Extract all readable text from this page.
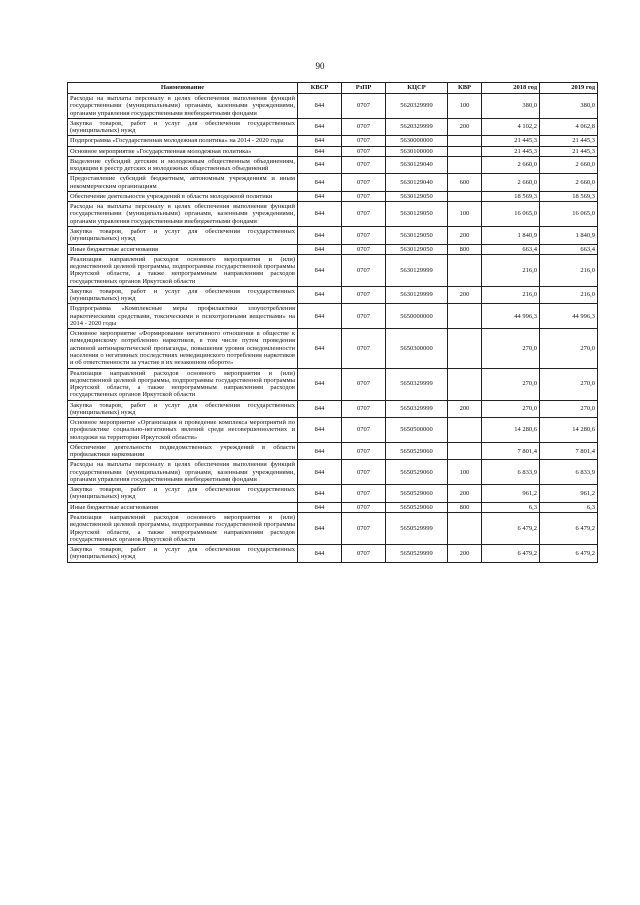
90
Наименование	КВСР	РзПР	КЦСР	КВР	2018 год	2019 год
Расходы на выплаты персоналу в целях обеспечения выполнения функций государственными (муниципальными) органами, казенными учреждениями, органами управления государственными внебюджетными фондами	844	0707	5620329999	100	380,0	380,0
Закупка товаров, работ и услуг для обеспечения государственных (муниципальных) нужд	844	0707	5620329999	200	4 102,2	4 062,8
Подпрограмма «Государственная молодежная политика» на 2014 - 2020 годы	844	0707	5630000000		21 445,3	21 445,3
Основное мероприятие «Государственная молодежная политика»	844	0707	5630100000		21 445,3	21 445,3
Выделение субсидий детским и молодежным общественным объединениям, входящим в реестр детских и молодежных общественных объединений	844	0707	5630129040		2 660,0	2 660,0
Предоставление субсидий бюджетным, автономным учреждениям и иным некоммерческим организациям	844	0707	5630129040	600	2 660,0	2 660,0
Обеспечение деятельности учреждений в области молодежной политики	844	0707	5630129050		18 569,3	18 569,3
Расходы на выплаты персоналу в целях обеспечения выполнения функций государственными (муниципальными) органами, казенными учреждениями, органами управления государственными внебюджетными фондами	844	0707	5630129050	100	16 065,0	16 065,0
Закупка товаров, работ и услуг для обеспечения государственных (муниципальных) нужд	844	0707	5630129050	200	1 840,9	1 840,9
Иные бюджетные ассигнования	844	0707	5630129050	800	663,4	663,4
Реализация направлений расходов основного мероприятия и (или) ведомственной целевой программы, подпрограммы государственной программы Иркутской области, а также непрограммным направлениям расходов государственных органов Иркутской области	844	0707	5630129999		216,0	216,0
Закупка товаров, работ и услуг для обеспечения государственных (муниципальных) нужд	844	0707	5630129999	200	216,0	216,0
Подпрограмма «Комплексные меры профилактики злоупотребления наркотическими средствами, токсическими и психотропными веществами» на 2014 - 2020 годы	844	0707	5650000000		44 996,3	44 996,3
Основное мероприятие «Формирование негативного отношения в обществе к немедицинскому потреблению наркотиков, в том числе путем проведения активной антинаркотической пропаганды, повышения уровня осведомленности населения о негативных последствиях немедицинского потребления наркотиков и об ответственности за участие в их незаконном обороте»	844	0707	5650300000		270,0	270,0
Реализация направлений расходов основного мероприятия и (или) ведомственной целевой программы, подпрограммы государственной программы Иркутской области, а также непрограммным направлениям расходов государственных органов Иркутской области	844	0707	5650329999		270,0	270,0
Закупка товаров, работ и услуг для обеспечения государственных (муниципальных) нужд	844	0707	5650329999	200	270,0	270,0
Основное мероприятие «Организация и проведение комплекса мероприятий по профилактике социально-негативных явлений среди несовершеннолетних и молодежи на территории Иркутской области»	844	0707	5650500000		14 280,6	14 280,6
Обеспечение деятельности подведомственных учреждений в области профилактики наркомании	844	0707	5650529060		7 801,4	7 801,4
Расходы на выплаты персоналу в целях обеспечения выполнения функций государственными (муниципальными) органами, казенными учреждениями, органами управления государственными внебюджетными фондами	844	0707	5650529060	100	6 833,9	6 833,9
Закупка товаров, работ и услуг для обеспечения государственных (муниципальных) нужд	844	0707	5650529060	200	961,2	961,2
Иные бюджетные ассигнования	844	0707	5650529060	800	6,3	6,3
Реализация направлений расходов основного мероприятия и (или) ведомственной целевой программы, подпрограммы государственной программы Иркутской области, а также непрограммным направлениям расходов государственных органов Иркутской области	844	0707	5650529999		6 479,2	6 479,2
Закупка товаров, работ и услуг для обеспечения государственных (муниципальных) нужд	844	0707	5650529999	200	6 479,2	6 479,2
